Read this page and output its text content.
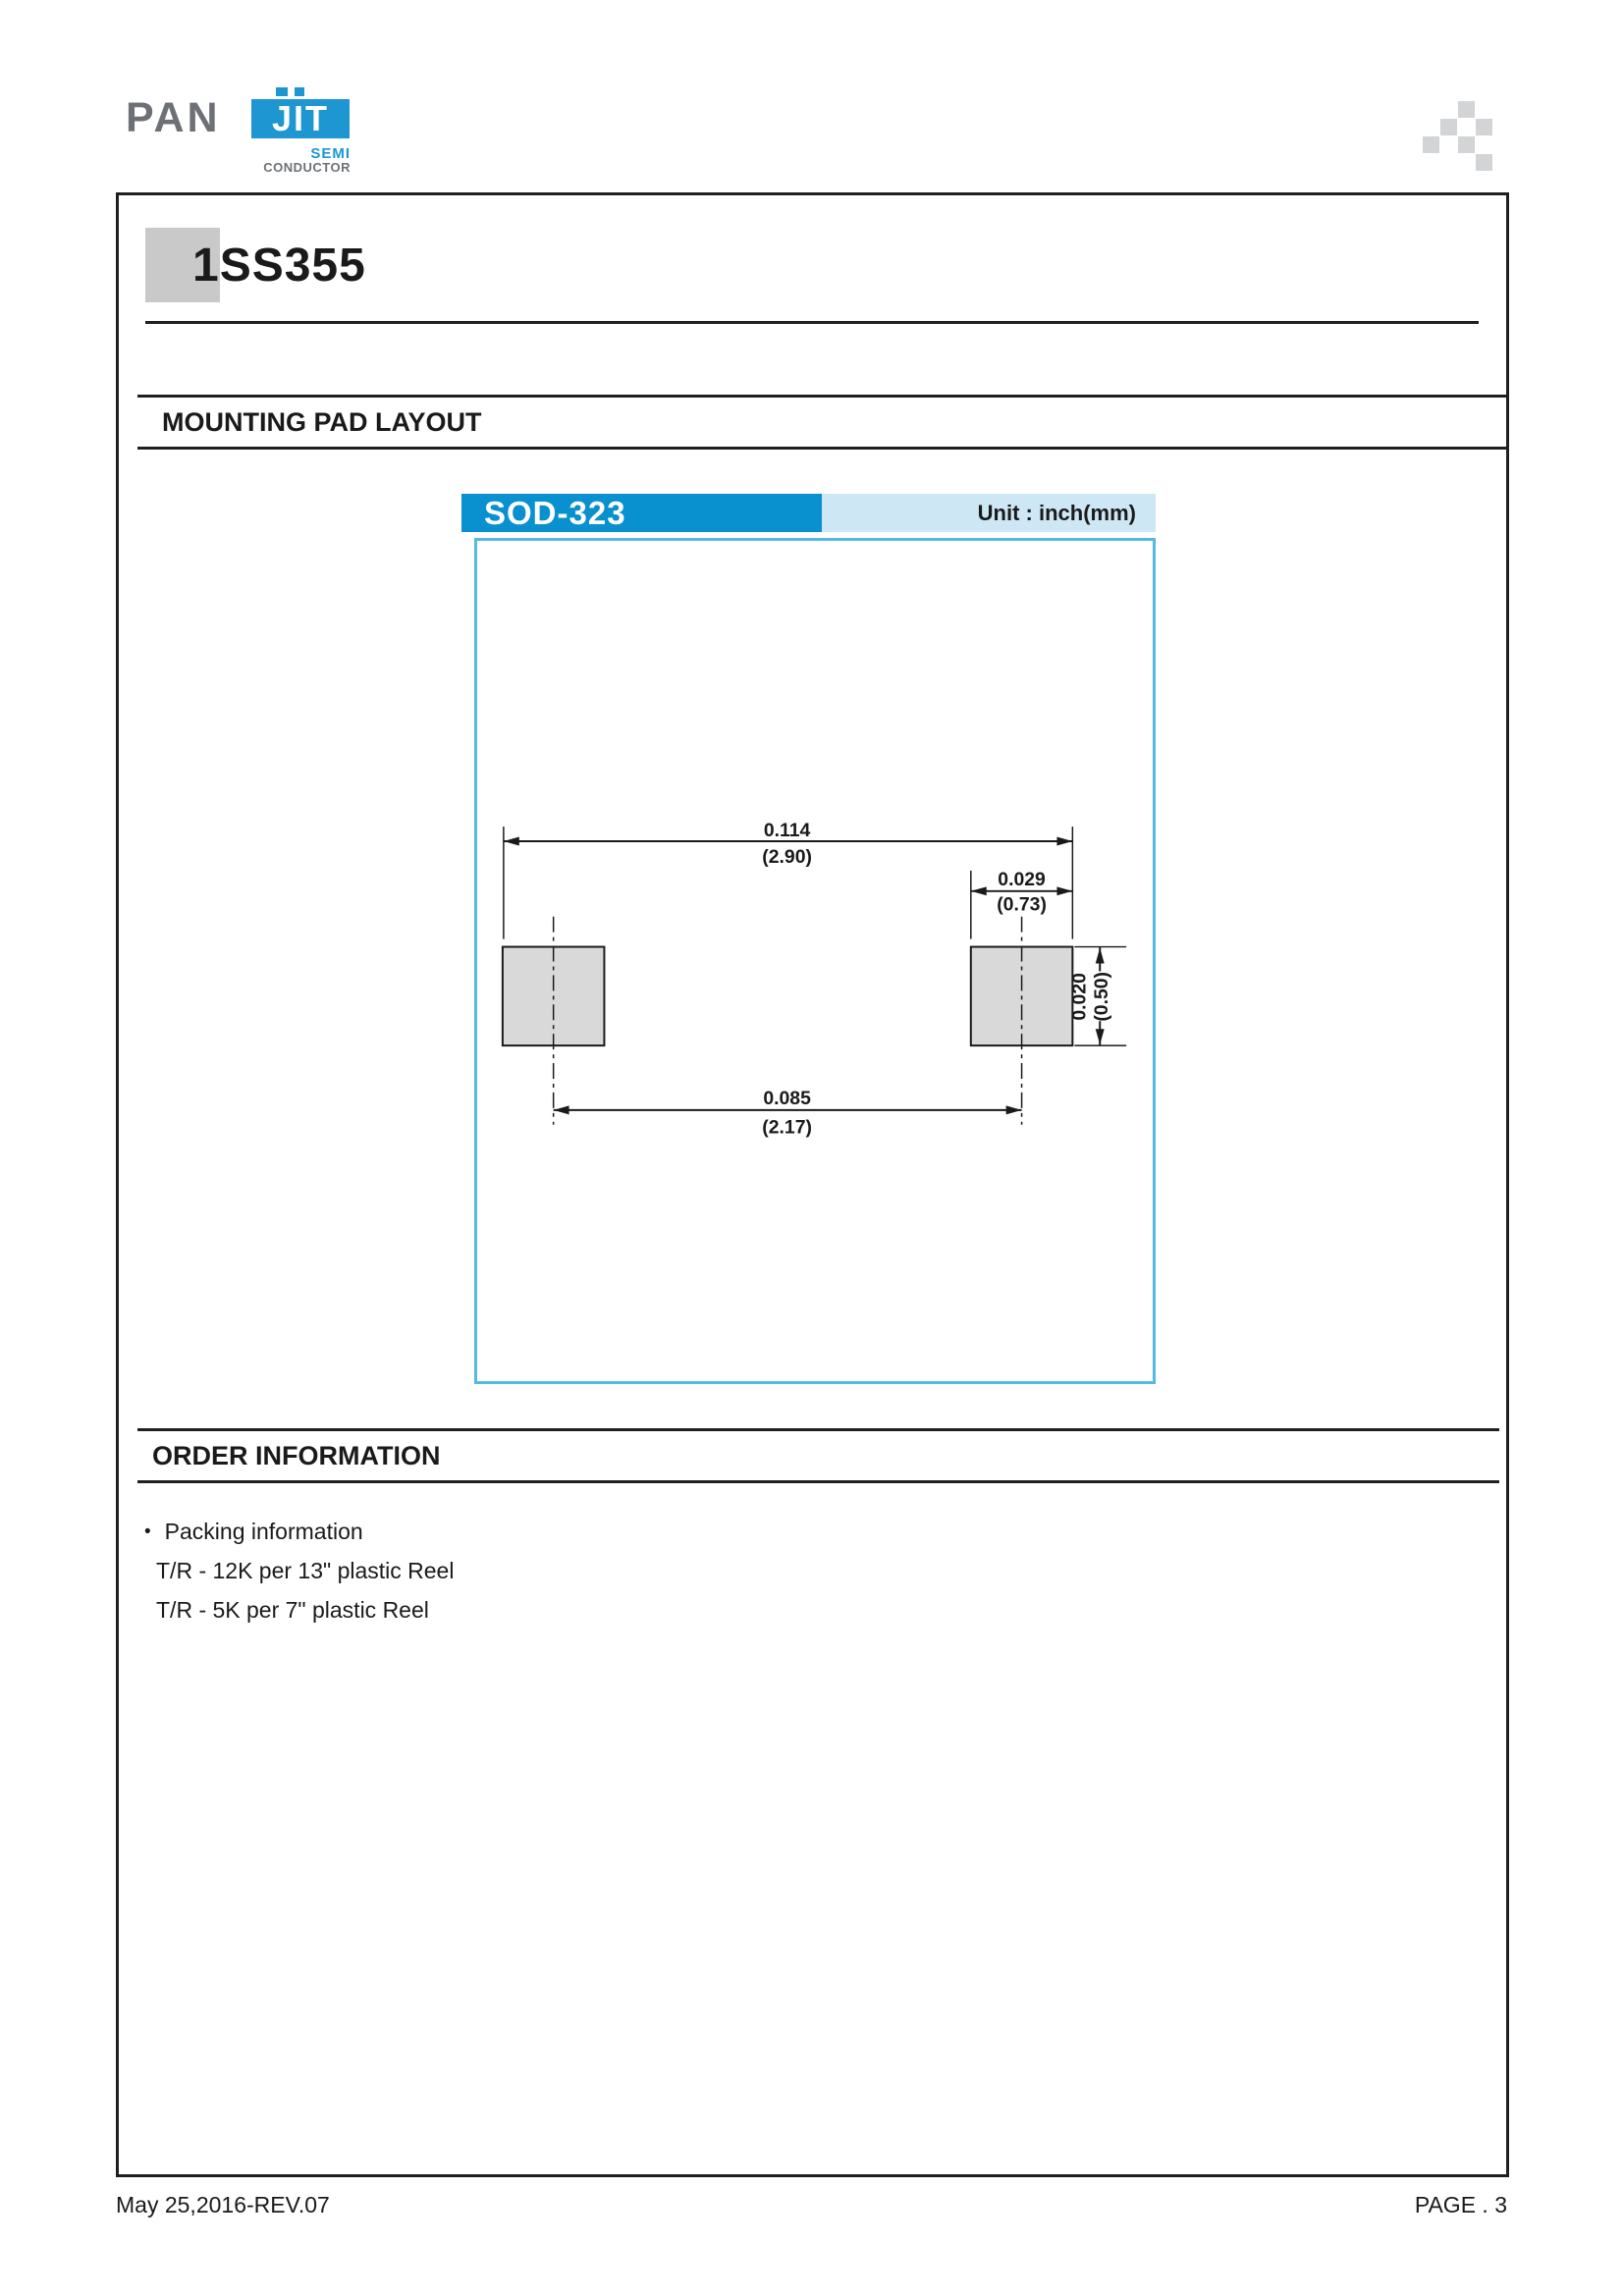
PAN JIT
SEMI
CONDUCTOR
1SS355
MOUNTING PAD LAYOUT
SOD-323	Unit : inch(mm)
0.114
(2.90)
0.029
(0.73)
0.020 (0.50)
0.085
(2.17)
ORDER INFORMATION
• Packing information
T/R - 12K per 13" plastic Reel
T/R - 5K per 7" plastic Reel
May 25,2016-REV.07	PAGE . 3
